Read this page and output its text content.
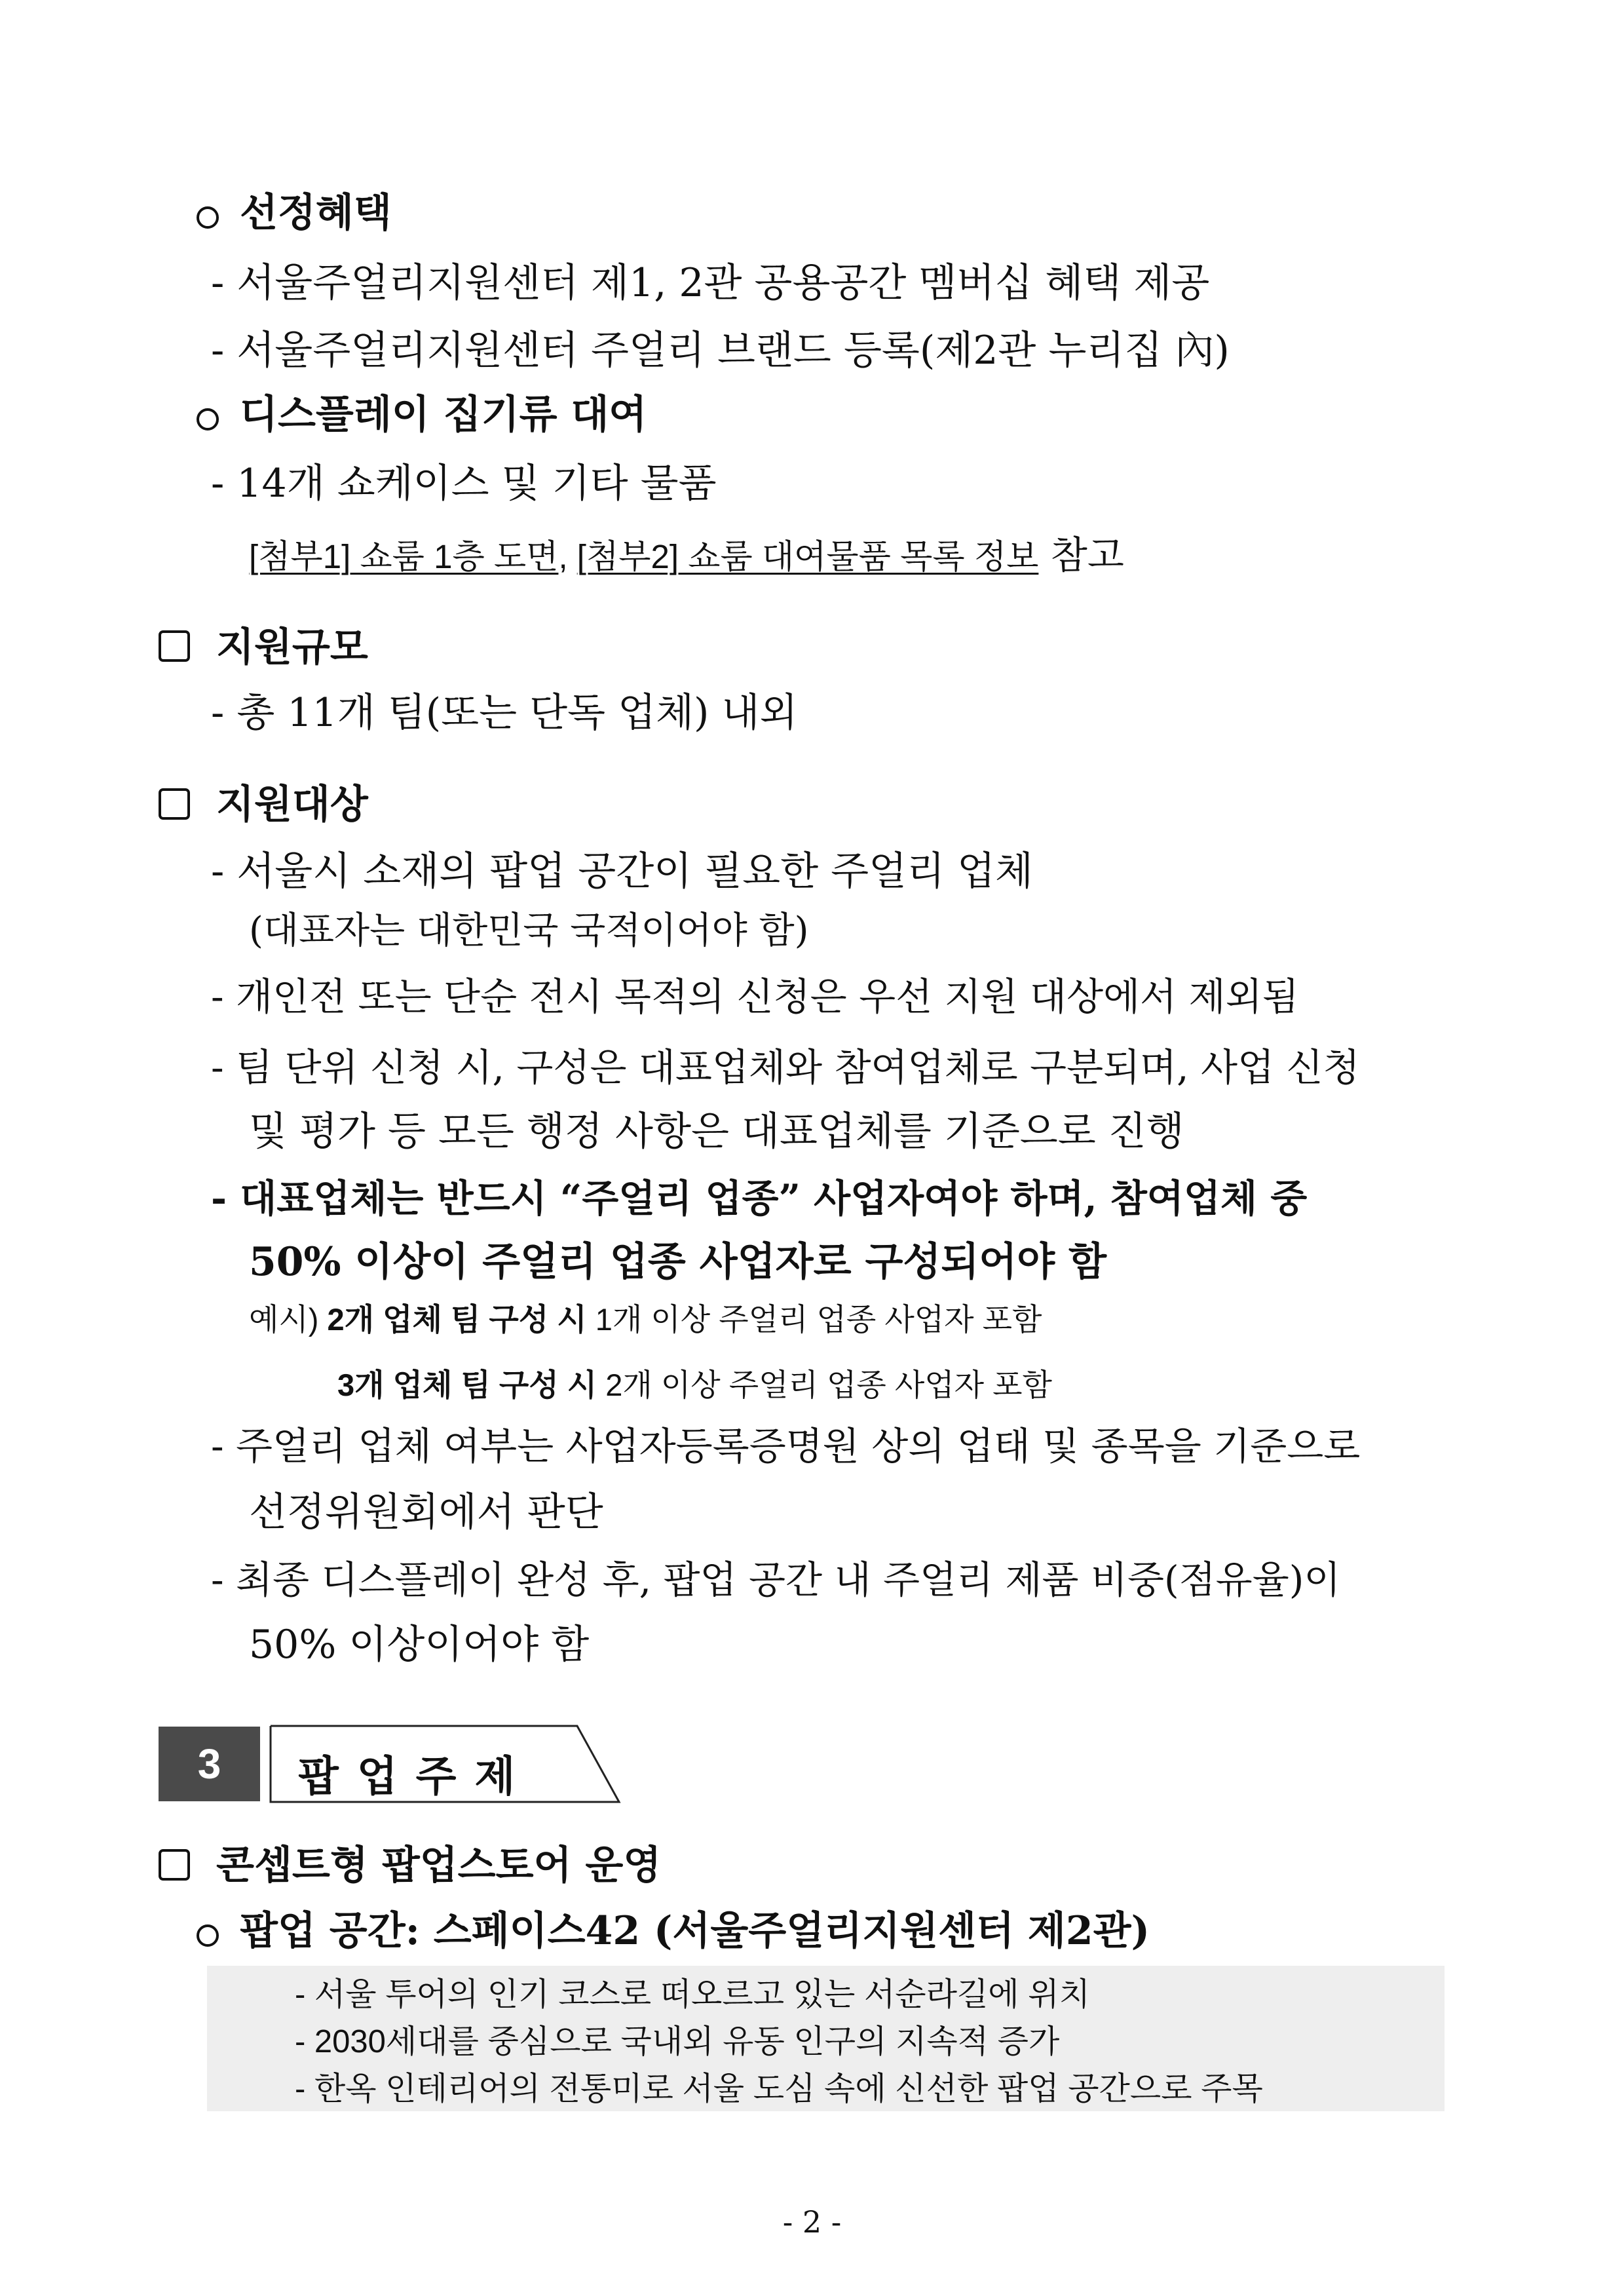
선정혜택
- 서울주얼리지원센터 제1, 2관 공용공간 멤버십 혜택 제공
- 서울주얼리지원센터 주얼리 브랜드 등록(제2관 누리집 內)
디스플레이 집기류 대여
- 14개 쇼케이스 및 기타 물품
[첨부1] 쇼룸 1층 도면, [첨부2] 쇼룸 대여물품 목록 정보 참고
지원규모
- 총 11개 팀(또는 단독 업체) 내외
지원대상
- 서울시 소재의 팝업 공간이 필요한 주얼리 업체
(대표자는 대한민국 국적이어야 함)
- 개인전 또는 단순 전시 목적의 신청은 우선 지원 대상에서 제외됨
- 팀 단위 신청 시, 구성은 대표업체와 참여업체로 구분되며, 사업 신청
및 평가 등 모든 행정 사항은 대표업체를 기준으로 진행
- 대표업체는 반드시 “주얼리 업종” 사업자여야 하며, 참여업체 중
50% 이상이 주얼리 업종 사업자로 구성되어야 함
예시) 2개 업체 팀 구성 시 1개 이상 주얼리 업종 사업자 포함
3개 업체 팀 구성 시 2개 이상 주얼리 업종 사업자 포함
- 주얼리 업체 여부는 사업자등록증명원 상의 업태 및 종목을 기준으로
선정위원회에서 판단
- 최종 디스플레이 완성 후, 팝업 공간 내 주얼리 제품 비중(점유율)이
50% 이상이어야 함
3	팝업주제
콘셉트형 팝업스토어 운영
팝업 공간: 스페이스42 (서울주얼리지원센터 제2관)
- 서울 투어의 인기 코스로 떠오르고 있는 서순라길에 위치
- 2030세대를 중심으로 국내외 유동 인구의 지속적 증가
- 한옥 인테리어의 전통미로 서울 도심 속에 신선한 팝업 공간으로 주목
- 2 -
